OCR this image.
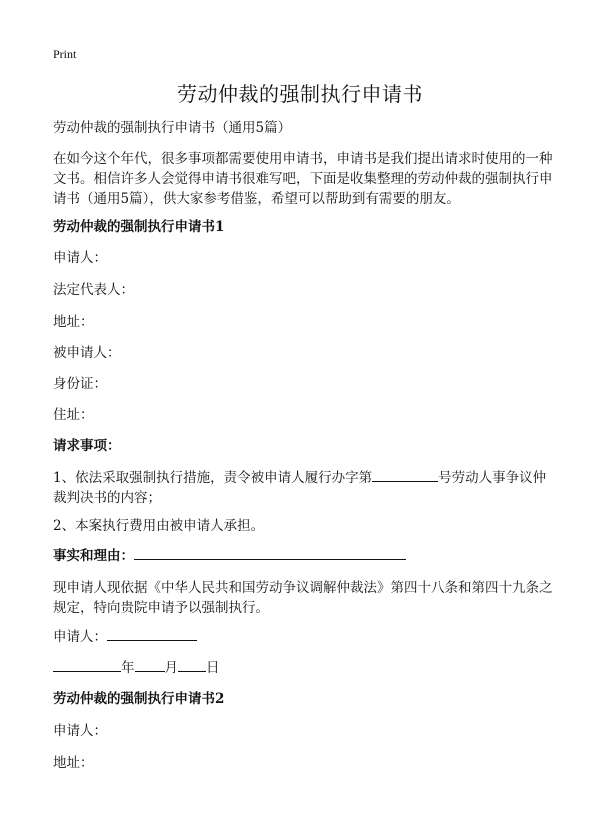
Print
劳动仲裁的强制执行申请书
劳动仲裁的强制执行申请书（通用5篇）
在如今这个年代，很多事项都需要使用申请书，申请书是我们提出请求时使用的一种文书。相信许多人会觉得申请书很难写吧，下面是收集整理的劳动仲裁的强制执行申请书（通用5篇），供大家参考借鉴，希望可以帮助到有需要的朋友。
劳动仲裁的强制执行申请书1
申请人：
法定代表人：
地址：
被申请人：
身份证：
住址：
请求事项：
1、依法采取强制执行措施，责令被申请人履行办字第	号劳动人事争议仲裁判决书的内容；
2、本案执行费用由被申请人承担。
事实和理由：
现申请人现依据《中华人民共和国劳动争议调解仲裁法》第四十八条和第四十九条之规定，特向贵院申请予以强制执行。
申请人：
年 月 日
劳动仲裁的强制执行申请书2
申请人：
地址：
